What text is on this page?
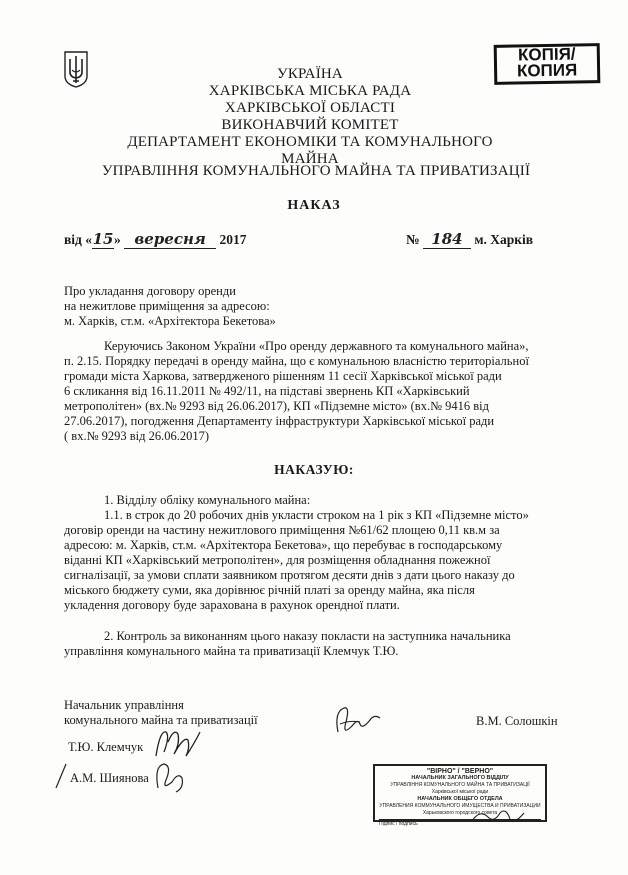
КОПІЯ/
КОПИЯ
УКРАЇНА
ХАРКІВСЬКА МІСЬКА РАДА
ХАРКІВСЬКОЇ ОБЛАСТІ
ВИКОНАВЧИЙ КОМІТЕТ
ДЕПАРТАМЕНТ ЕКОНОМІКИ ТА КОМУНАЛЬНОГО МАЙНА
УПРАВЛІННЯ КОМУНАЛЬНОГО МАЙНА ТА ПРИВАТИЗАЦІЇ
НАКАЗ
від «15» вересня 2017	№ 184 м. Харків
Про укладання договору оренди
на нежитлове приміщення за адресою:
м. Харків, ст.м. «Архітектора Бекетова»
Керуючись Законом України «Про оренду державного та комунального майна»,
п. 2.15. Порядку передачі в оренду майна, що є комунальною власністю територіальної
громади міста Харкова, затвердженого рішенням 11 сесії Харківської міської ради
6 скликання від 16.11.2011 № 492/11, на підставі звернень КП «Харківський
метрополітен» (вх.№ 9293 від 26.06.2017), КП «Підземне місто» (вх.№ 9416 від
27.06.2017), погодження Департаменту інфраструктури Харківської міської ради
( вх.№ 9293 від 26.06.2017)
НАКАЗУЮ:
1. Відділу обліку комунального майна:
1.1. в строк до 20 робочих днів укласти строком на 1 рік з КП «Підземне місто»
договір оренди на частину нежитлового приміщення №61/62 площею 0,11 кв.м за
адресою: м. Харків, ст.м. «Архітектора Бекетова», що перебуває в господарському
віданні КП «Харківський метрополітен», для розміщення обладнання пожежної
сигналізації, за умови сплати заявником протягом десяти днів з дати цього наказу до
міського бюджету суми, яка дорівнює річній платі за оренду майна, яка після
укладення договору буде зарахована в рахунок орендної плати.
2. Контроль за виконанням цього наказу покласти на заступника начальника
управління комунального майна та приватизації Клемчук Т.Ю.
Начальник управління
комунального майна та приватизації	В.М. Солошкін
Т.Ю. Клемчук
А.М. Шиянова	"ВІРНО" / "ВЕРНО"
НАЧАЛЬНИК ЗАГАЛЬНОГО ВІДДІЛУ
УПРАВЛІННЯ КОМУНАЛЬНОГО МАЙНА ТА ПРИВАТИЗАЦІЇ
Харківської міської ради
НАЧАЛЬНИК ОБЩЕГО ОТДЕЛА
УПРАВЛЕНИЯ КОММУНАЛЬНОГО ИМУЩЕСТВА И ПРИВАТИЗАЦИИ
Харьковского городского совета
Підпис / подпись
